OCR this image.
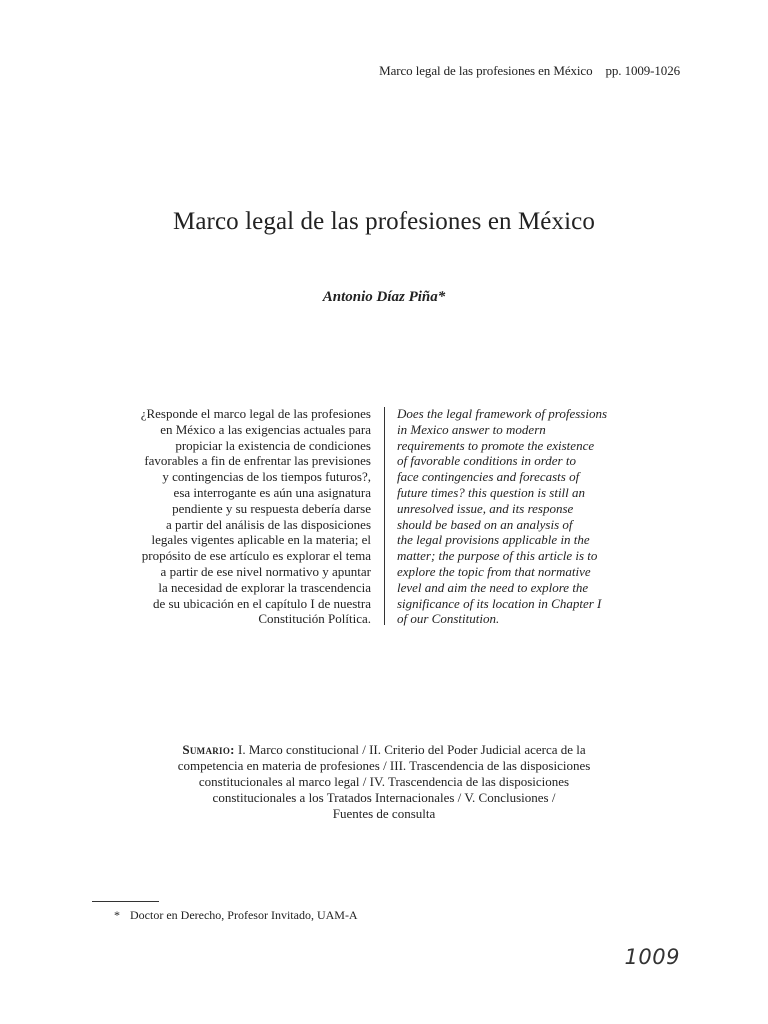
Marco legal de las profesiones en México pp. 1009-1026
Marco legal de las profesiones en México
Antonio Díaz Piña*
¿Responde el marco legal de las profesiones
en México a las exigencias actuales para
propiciar la existencia de condiciones
favorables a fin de enfrentar las previsiones
y contingencias de los tiempos futuros?,
esa interrogante es aún una asignatura
pendiente y su respuesta debería darse
a partir del análisis de las disposiciones
legales vigentes aplicable en la materia; el
propósito de ese artículo es explorar el tema
a partir de ese nivel normativo y apuntar
la necesidad de explorar la trascendencia
de su ubicación en el capítulo I de nuestra
Constitución Política.
Does the legal framework of professions
in Mexico answer to modern
requirements to promote the existence
of favorable conditions in order to
face contingencies and forecasts of
future times? this question is still an
unresolved issue, and its response
should be based on an analysis of
the legal provisions applicable in the
matter; the purpose of this article is to
explore the topic from that normative
level and aim the need to explore the
significance of its location in Chapter I
of our Constitution.
Sumario: I. Marco constitucional / II. Criterio del Poder Judicial acerca de la
competencia en materia de profesiones / III. Trascendencia de las disposiciones
constitucionales al marco legal / IV. Trascendencia de las disposiciones
constitucionales a los Tratados Internacionales / V. Conclusiones /
Fuentes de consulta
* Doctor en Derecho, Profesor Invitado, UAM-A
1009
